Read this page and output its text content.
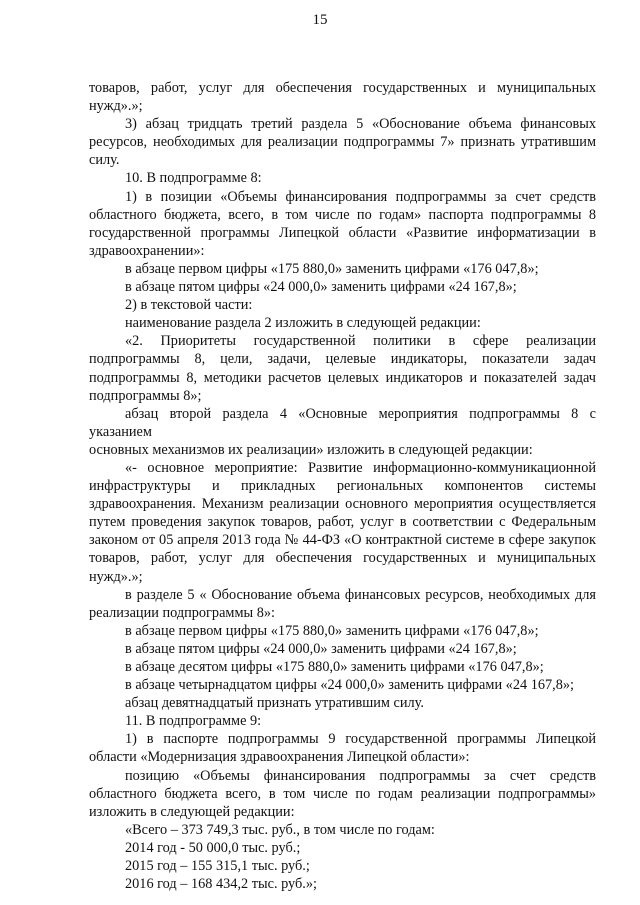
15

товаров, работ, услуг для обеспечения государственных и муниципальных

нужд».»;

3) абзац тридцать третий раздела 5 «Обоснование объема финансовых

ресурсов, необходимых для реализации подпрограммы 7» признать утратившим

силу.

10. В подпрограмме 8:

1) в позиции «Объемы финансирования подпрограммы за счет средств

областного бюджета, всего, в том числе по годам» паспорта подпрограммы 8

государственной программы Липецкой области «Развитие информатизации в

здравоохранении»:

в абзаце первом цифры «175 880,0» заменить цифрами «176 047,8»;

в абзаце пятом цифры «24 000,0» заменить цифрами «24 167,8»;

2) в текстовой части:

наименование раздела 2 изложить в следующей редакции:

«2. Приоритеты государственной политики в сфере реализации

подпрограммы 8, цели, задачи, целевые индикаторы, показатели задач

подпрограммы 8, методики расчетов целевых индикаторов и показателей задач

подпрограммы 8»;

абзац второй раздела 4 «Основные мероприятия подпрограммы 8 с указанием

основных механизмов их реализации» изложить в следующей редакции:

«- основное мероприятие: Развитие информационно-коммуникационной

инфраструктуры и прикладных региональных компонентов системы

здравоохранения. Механизм реализации основного мероприятия осуществляется

путем проведения закупок товаров, работ, услуг в соответствии с Федеральным

законом от 05 апреля 2013 года № 44-ФЗ «О контрактной системе в сфере закупок

товаров, работ, услуг для обеспечения государственных и муниципальных

нужд».»;

в разделе 5 « Обоснование объема финансовых ресурсов, необходимых для

реализации подпрограммы 8»:

в абзаце первом цифры «175 880,0» заменить цифрами «176 047,8»;

в абзаце пятом цифры «24 000,0» заменить цифрами «24 167,8»;

в абзаце десятом цифры «175 880,0» заменить цифрами «176 047,8»;

в абзаце четырнадцатом цифры «24 000,0» заменить цифрами «24 167,8»;

абзац девятнадцатый признать утратившим силу.

11. В подпрограмме 9:

1) в паспорте подпрограммы 9 государственной программы Липецкой

области «Модернизация здравоохранения Липецкой области»:

позицию «Объемы финансирования подпрограммы за счет средств

областного бюджета всего, в том числе по годам реализации подпрограммы»

изложить в следующей редакции:

«Всего – 373 749,3 тыс. руб., в том числе по годам:

2014 год - 50 000,0 тыс. руб.;

2015 год – 155 315,1 тыс. руб.;

2016 год – 168 434,2 тыс. руб.»;
